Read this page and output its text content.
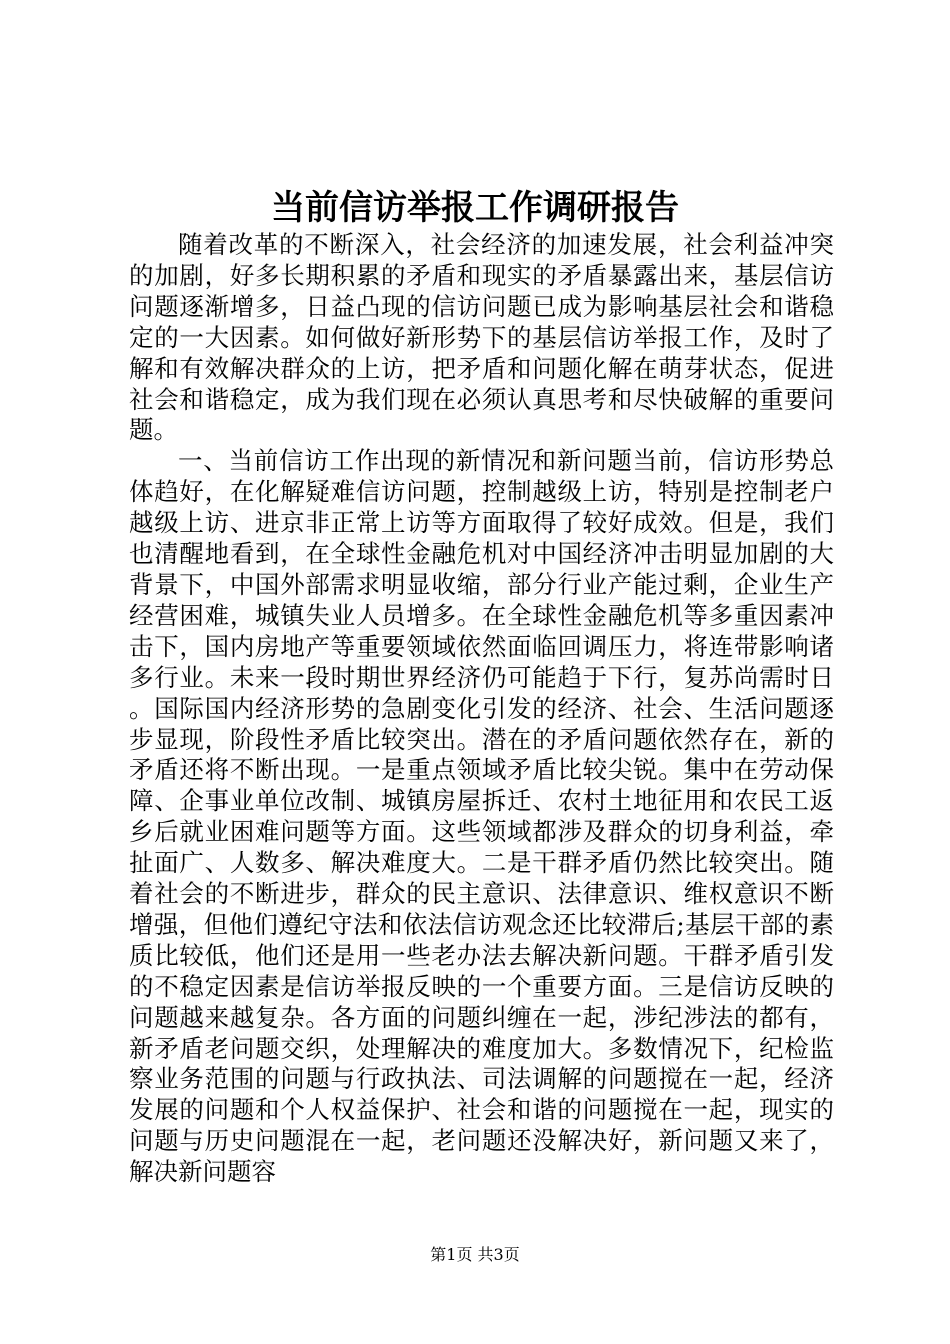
当前信访举报工作调研报告

随着改革的不断深入，社会经济的加速发展，社会利益冲突的加剧，好多长期积累的矛盾和现实的矛盾暴露出来，基层信访问题逐渐增多，日益凸现的信访问题已成为影响基层社会和谐稳定的一大因素。如何做好新形势下的基层信访举报工作，及时了解和有效解决群众的上访，把矛盾和问题化解在萌芽状态，促进社会和谐稳定，成为我们现在必须认真思考和尽快破解的重要问题。

一、当前信访工作出现的新情况和新问题当前，信访形势总体趋好，在化解疑难信访问题，控制越级上访，特别是控制老户越级上访、进京非正常上访等方面取得了较好成效。但是，我们也清醒地看到，在全球性金融危机对中国经济冲击明显加剧的大背景下，中国外部需求明显收缩，部分行业产能过剩，企业生产经营困难，城镇失业人员增多。在全球性金融危机等多重因素冲击下，国内房地产等重要领域依然面临回调压力，将连带影响诸多行业。未来一段时期世界经济仍可能趋于下行，复苏尚需时日。国际国内经济形势的急剧变化引发的经济、社会、生活问题逐步显现，阶段性矛盾比较突出。潜在的矛盾问题依然存在，新的矛盾还将不断出现。一是重点领域矛盾比较尖锐。集中在劳动保障、企事业单位改制、城镇房屋拆迁、农村土地征用和农民工返乡后就业困难问题等方面。这些领域都涉及群众的切身利益，牵扯面广、人数多、解决难度大。二是干群矛盾仍然比较突出。随着社会的不断进步，群众的民主意识、法律意识、维权意识不断增强，但他们遵纪守法和依法信访观念还比较滞后;基层干部的素质比较低，他们还是用一些老办法去解决新问题。干群矛盾引发的不稳定因素是信访举报反映的一个重要方面。三是信访反映的问题越来越复杂。各方面的问题纠缠在一起，涉纪涉法的都有，新矛盾老问题交织，处理解决的难度加大。多数情况下，纪检监察业务范围的问题与行政执法、司法调解的问题搅在一起，经济发展的问题和个人权益保护、社会和谐的问题搅在一起，现实的问题与历史问题混在一起，老问题还没解决好，新问题又来了，解决新问题容

第1页 共3页
